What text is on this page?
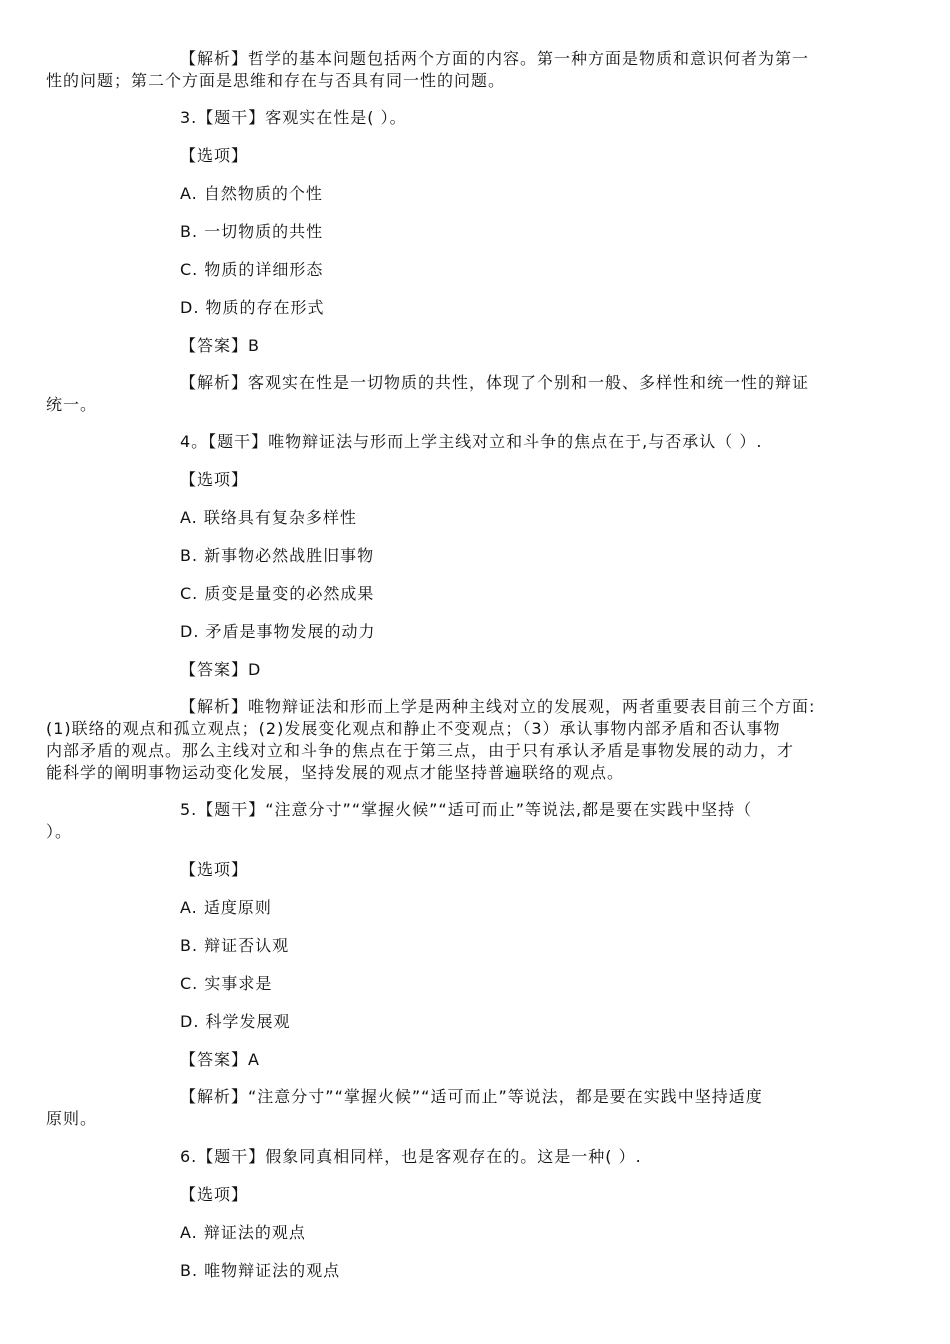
【解析】哲学的基本问题包括两个方面的内容。第一种方面是物质和意识何者为第一
性的问题；第二个方面是思维和存在与否具有同一性的问题。
3.【题干】客观实在性是( ）。
【选项】
A. 自然物质的个性
B. 一切物质的共性
C. 物质的详细形态
D. 物质的存在形式
【答案】B
【解析】客观实在性是一切物质的共性，体现了个别和一般、多样性和统一性的辩证
统一。
4。【题干】唯物辩证法与形而上学主线对立和斗争的焦点在于,与否承认（ ）.
【选项】
A. 联络具有复杂多样性
B. 新事物必然战胜旧事物
C. 质变是量变的必然成果
D. 矛盾是事物发展的动力
【答案】D
【解析】唯物辩证法和形而上学是两种主线对立的发展观，两者重要表目前三个方面:
(1)联络的观点和孤立观点；(2)发展变化观点和静止不变观点；（3）承认事物内部矛盾和否认事物
内部矛盾的观点。那么主线对立和斗争的焦点在于第三点，由于只有承认矛盾是事物发展的动力，才
能科学的阐明事物运动变化发展，坚持发展的观点才能坚持普遍联络的观点。
5.【题干】“注意分寸”“掌握火候”“适可而止”等说法,都是要在实践中坚持（
）。
【选项】
A. 适度原则
B. 辩证否认观
C. 实事求是
D. 科学发展观
【答案】A
【解析】“注意分寸”“掌握火候”“适可而止”等说法，都是要在实践中坚持适度
原则。
6.【题干】假象同真相同样，也是客观存在的。这是一种( ）.
【选项】
A. 辩证法的观点
B. 唯物辩证法的观点
